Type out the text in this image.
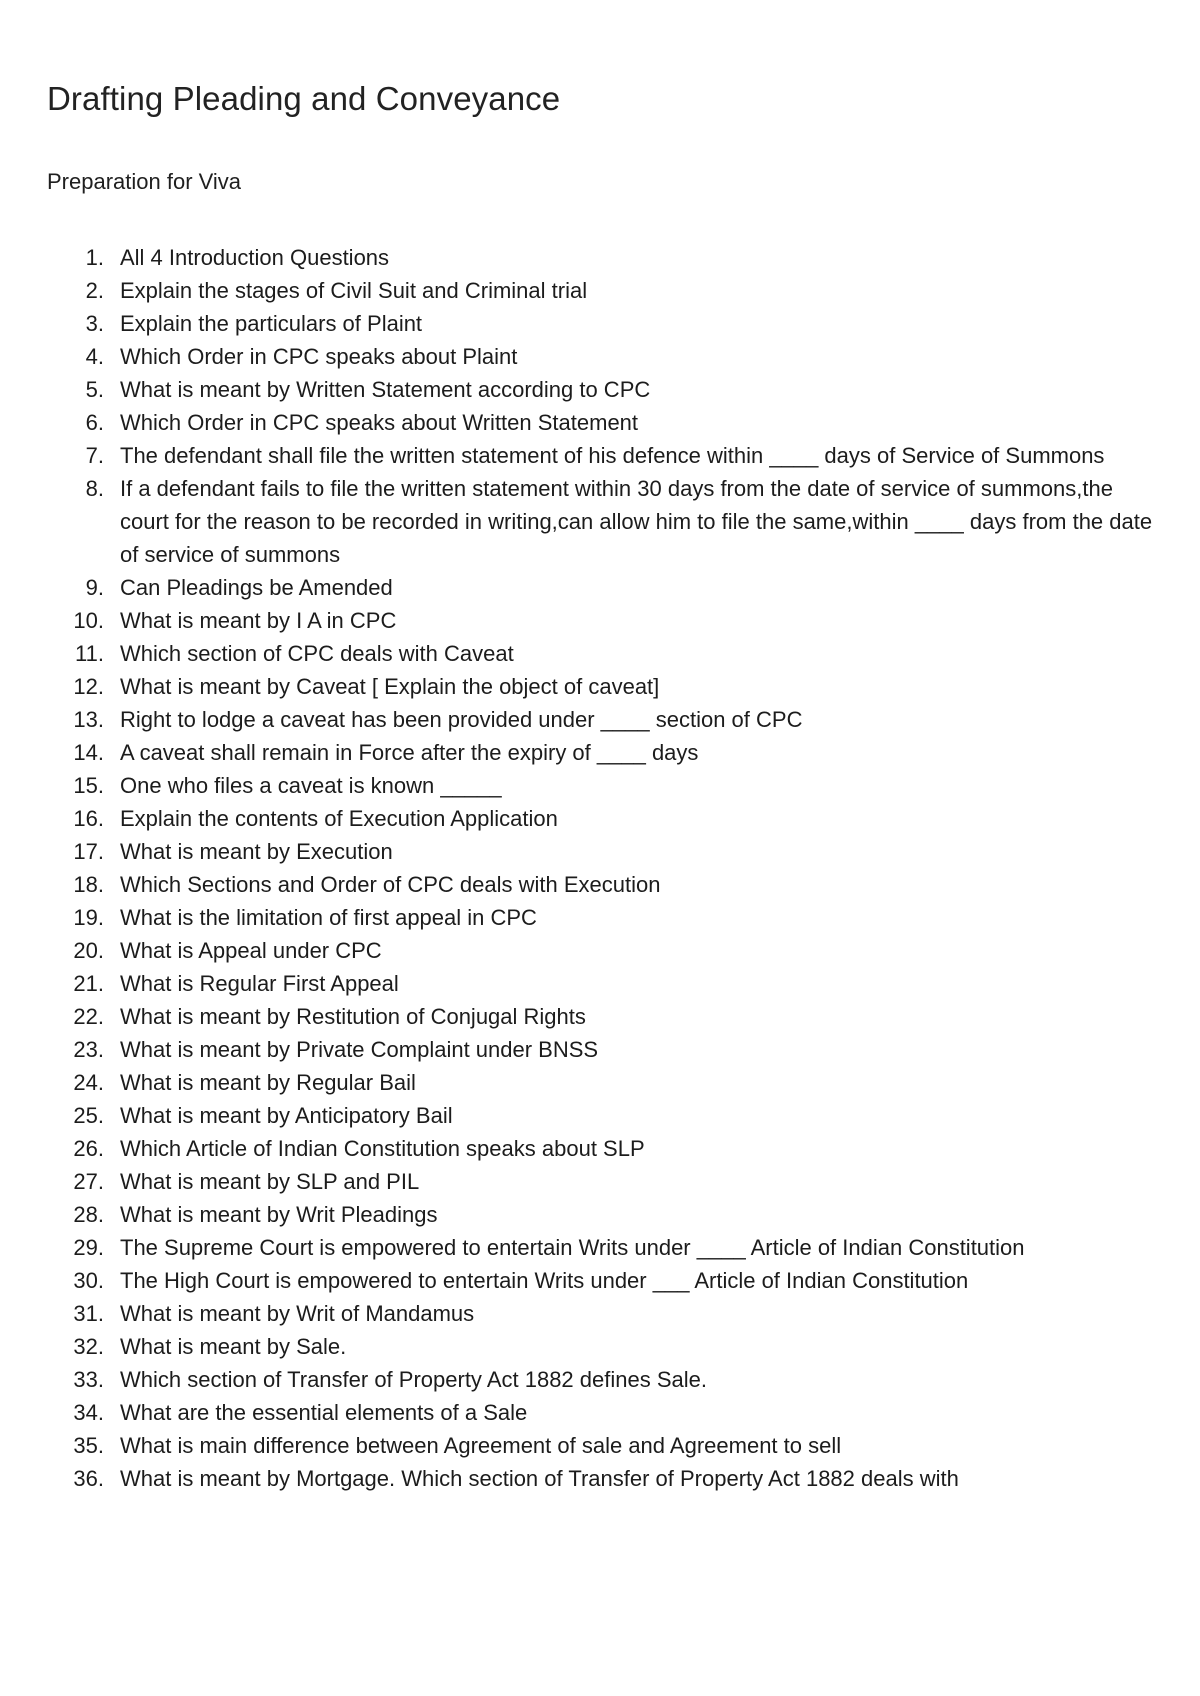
Drafting Pleading and Conveyance

Preparation for Viva

1. All 4 Introduction Questions
2. Explain the stages of Civil Suit and Criminal trial
3. Explain the particulars of Plaint
4. Which Order in CPC speaks about Plaint
5. What is meant by Written Statement according to CPC
6. Which Order in CPC speaks about Written Statement
7. The defendant shall file the written statement of his defence within ____ days of Service of Summons
8. If a defendant fails to file the written statement within 30 days from the date of service of summons,the court for the reason to be recorded in writing,can allow him to file the same,within ____ days from the date of service of summons
9. Can Pleadings be Amended
10. What is meant by I A in CPC
11. Which section of CPC deals with Caveat
12. What is meant by Caveat [ Explain the object of caveat]
13. Right to lodge a caveat has been provided under ____ section of CPC
14. A caveat shall remain in Force after the expiry of ____ days
15. One who files a caveat is known _____
16. Explain the contents of Execution Application
17. What is meant by Execution
18. Which Sections and Order of CPC deals with Execution
19. What is the limitation of first appeal in CPC
20. What is Appeal under CPC
21. What is Regular First Appeal
22. What is meant by Restitution of Conjugal Rights
23. What is meant by Private Complaint under BNSS
24. What is meant by Regular Bail
25. What is meant by Anticipatory Bail
26. Which Article of Indian Constitution speaks about SLP
27. What is meant by SLP and PIL
28. What is meant by Writ Pleadings
29. The Supreme Court is empowered to entertain Writs under ____ Article of Indian Constitution
30. The High Court is empowered to entertain Writs under ___ Article of Indian Constitution
31. What is meant by Writ of Mandamus
32. What is meant by Sale.
33. Which section of Transfer of Property Act 1882 defines Sale.
34. What are the essential elements of a Sale
35. What is main difference between Agreement of sale and Agreement to sell
36. What is meant by Mortgage. Which section of Transfer of Property Act 1882 deals with
